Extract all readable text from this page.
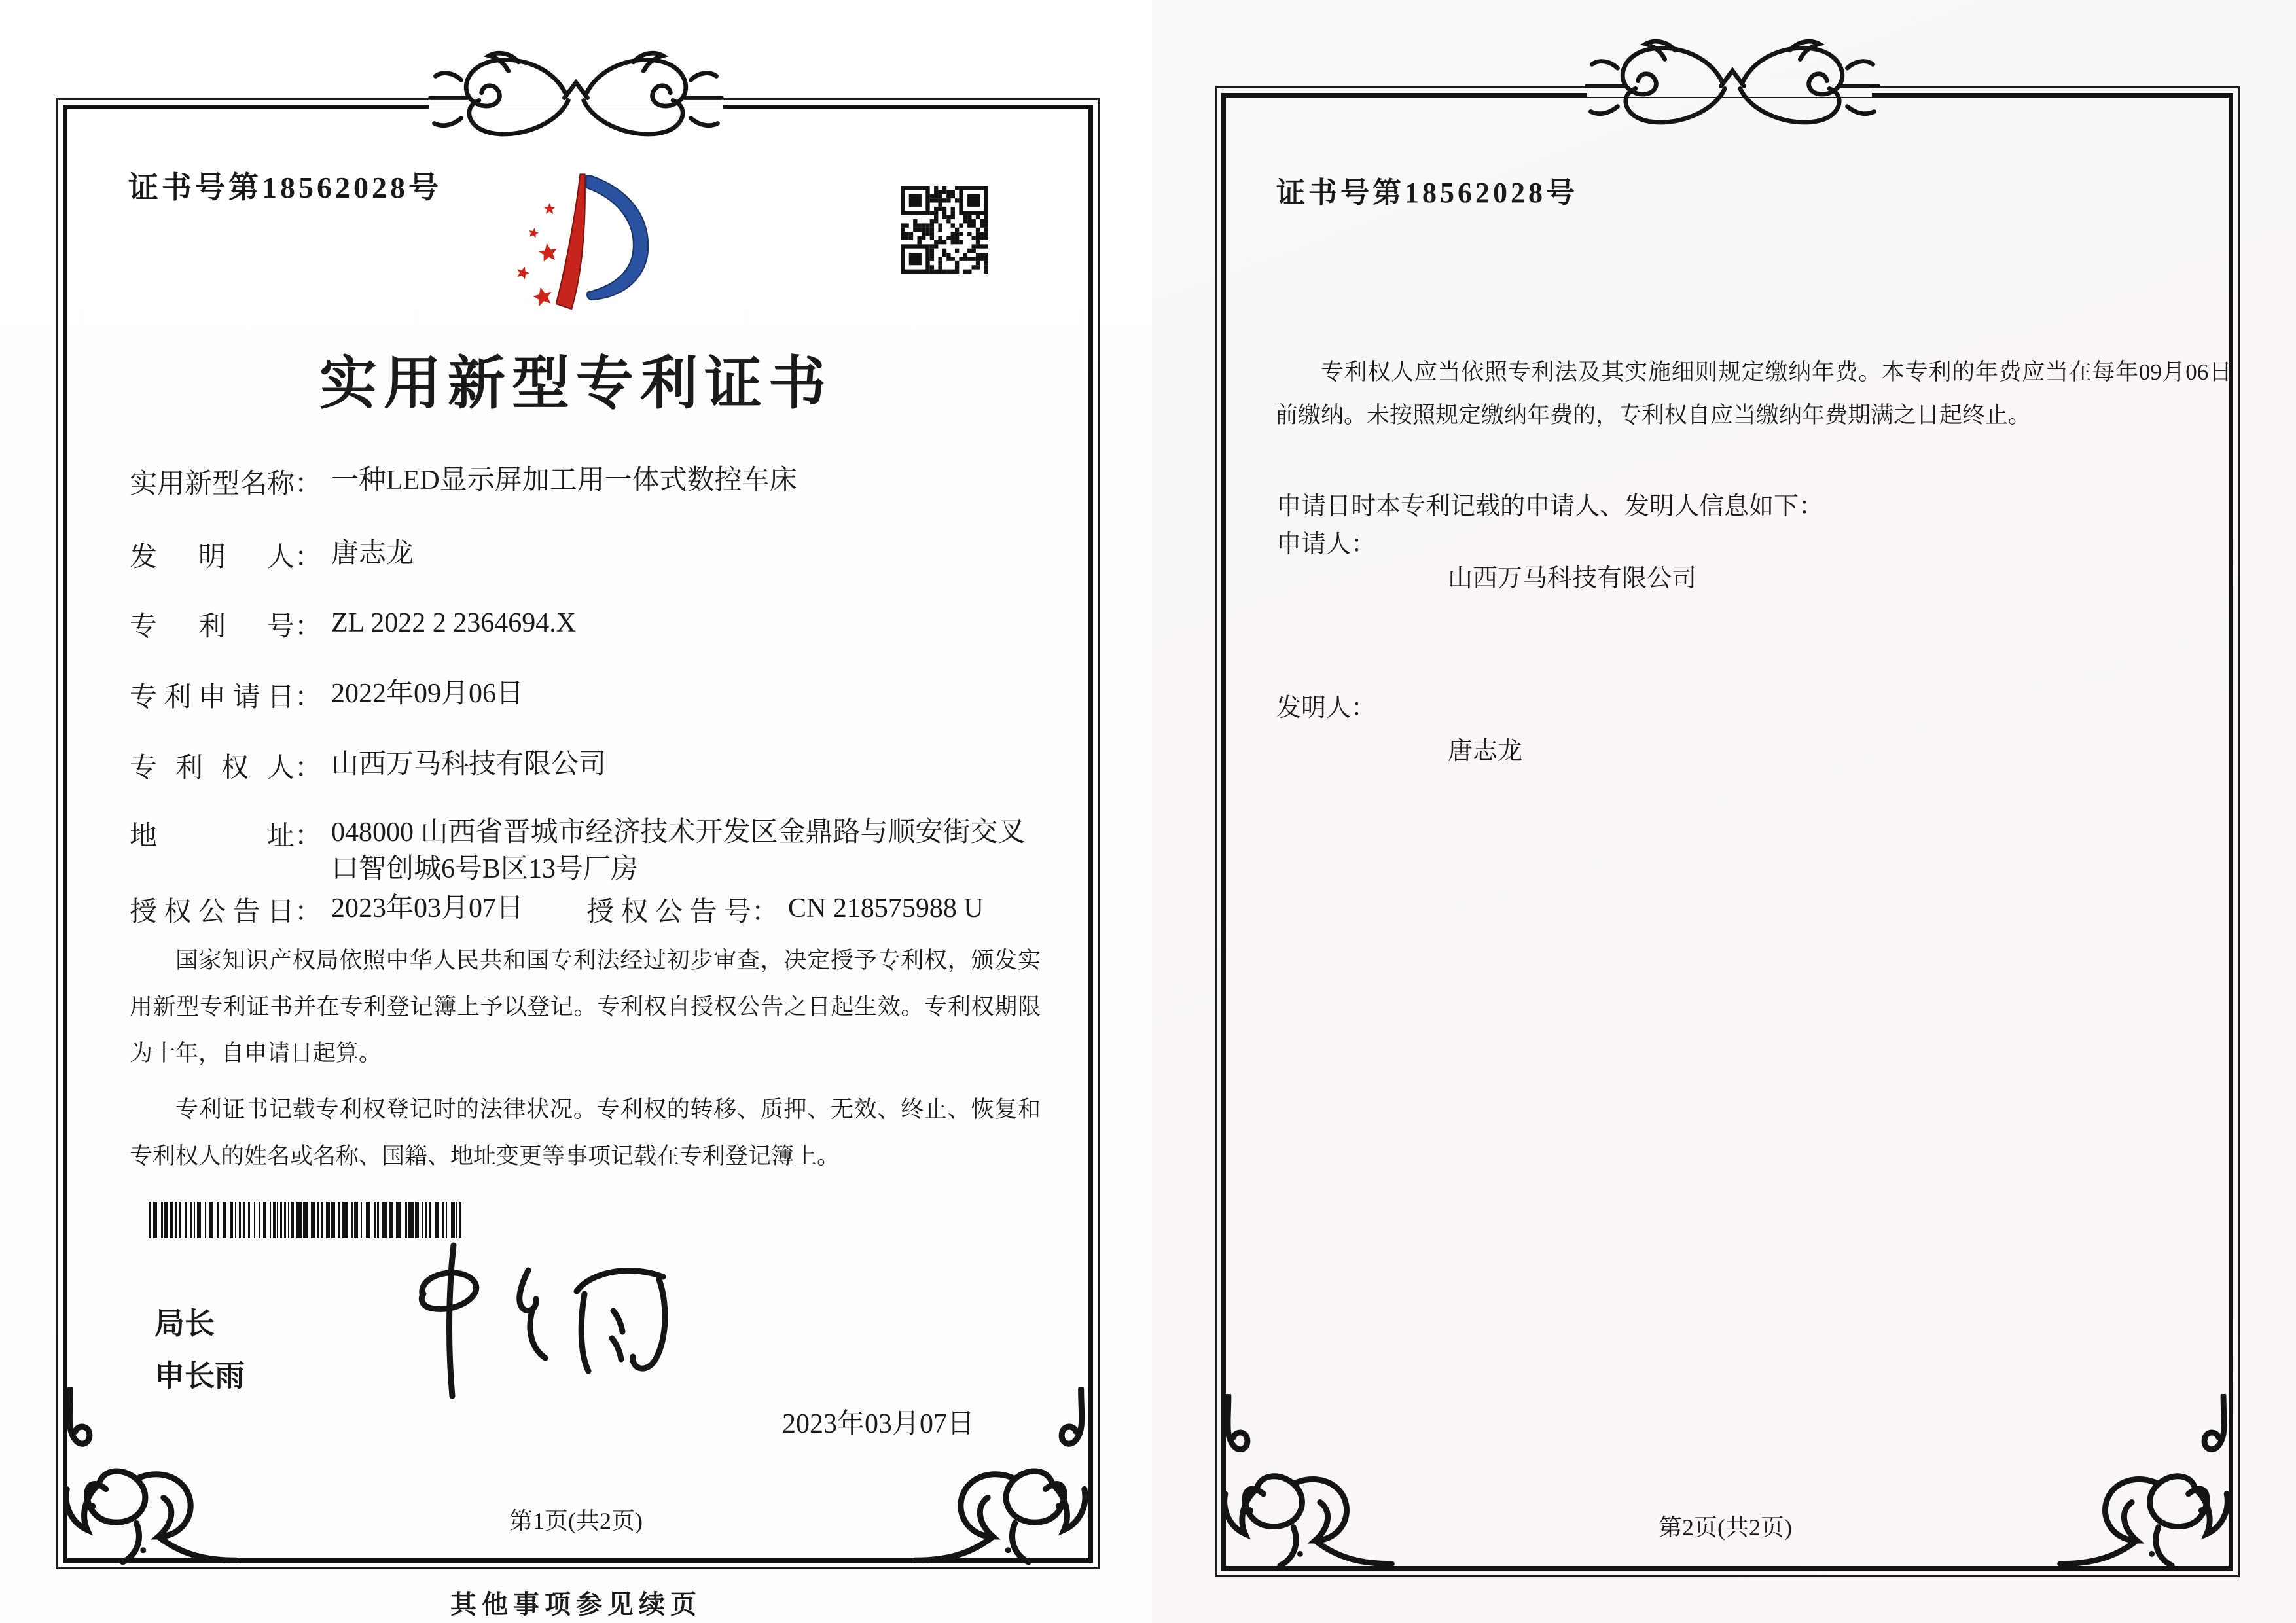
证书号第18562028号
实用新型专利证书
实用新型名称 ： 一种LED显示屏加工用一体式数控车床
发明人 ： 唐志龙
专利号 ： ZL 2022 2 2364694.X
专利申请日 ： 2022年09月06日
专利权人 ： 山西万马科技有限公司
地址 ： 048000 山西省晋城市经济技术开发区金鼎路与顺安街交叉口智创城6号B区13号厂房
授权公告日 ： 2023年03月07日 授权公告号 ： CN 218575988 U
国家知识产权局依照中华人民共和国专利法经过初步审查，决定授予专利权，颁发实用新型专利证书并在专利登记簿上予以登记。专利权自授权公告之日起生效。专利权期限为十年，自申请日起算。
专利证书记载专利权登记时的法律状况。专利权的转移、质押、无效、终止、恢复和专利权人的姓名或名称、国籍、地址变更等事项记载在专利登记簿上。
局长
申长雨
2023年03月07日
第1页(共2页)
其他事项参见续页
证书号第18562028号
专利权人应当依照专利法及其实施细则规定缴纳年费。本专利的年费应当在每年09月06日前缴纳。未按照规定缴纳年费的，专利权自应当缴纳年费期满之日起终止。
申请日时本专利记载的申请人、发明人信息如下：
申请人：
山西万马科技有限公司
发明人：
唐志龙
第2页(共2页)
